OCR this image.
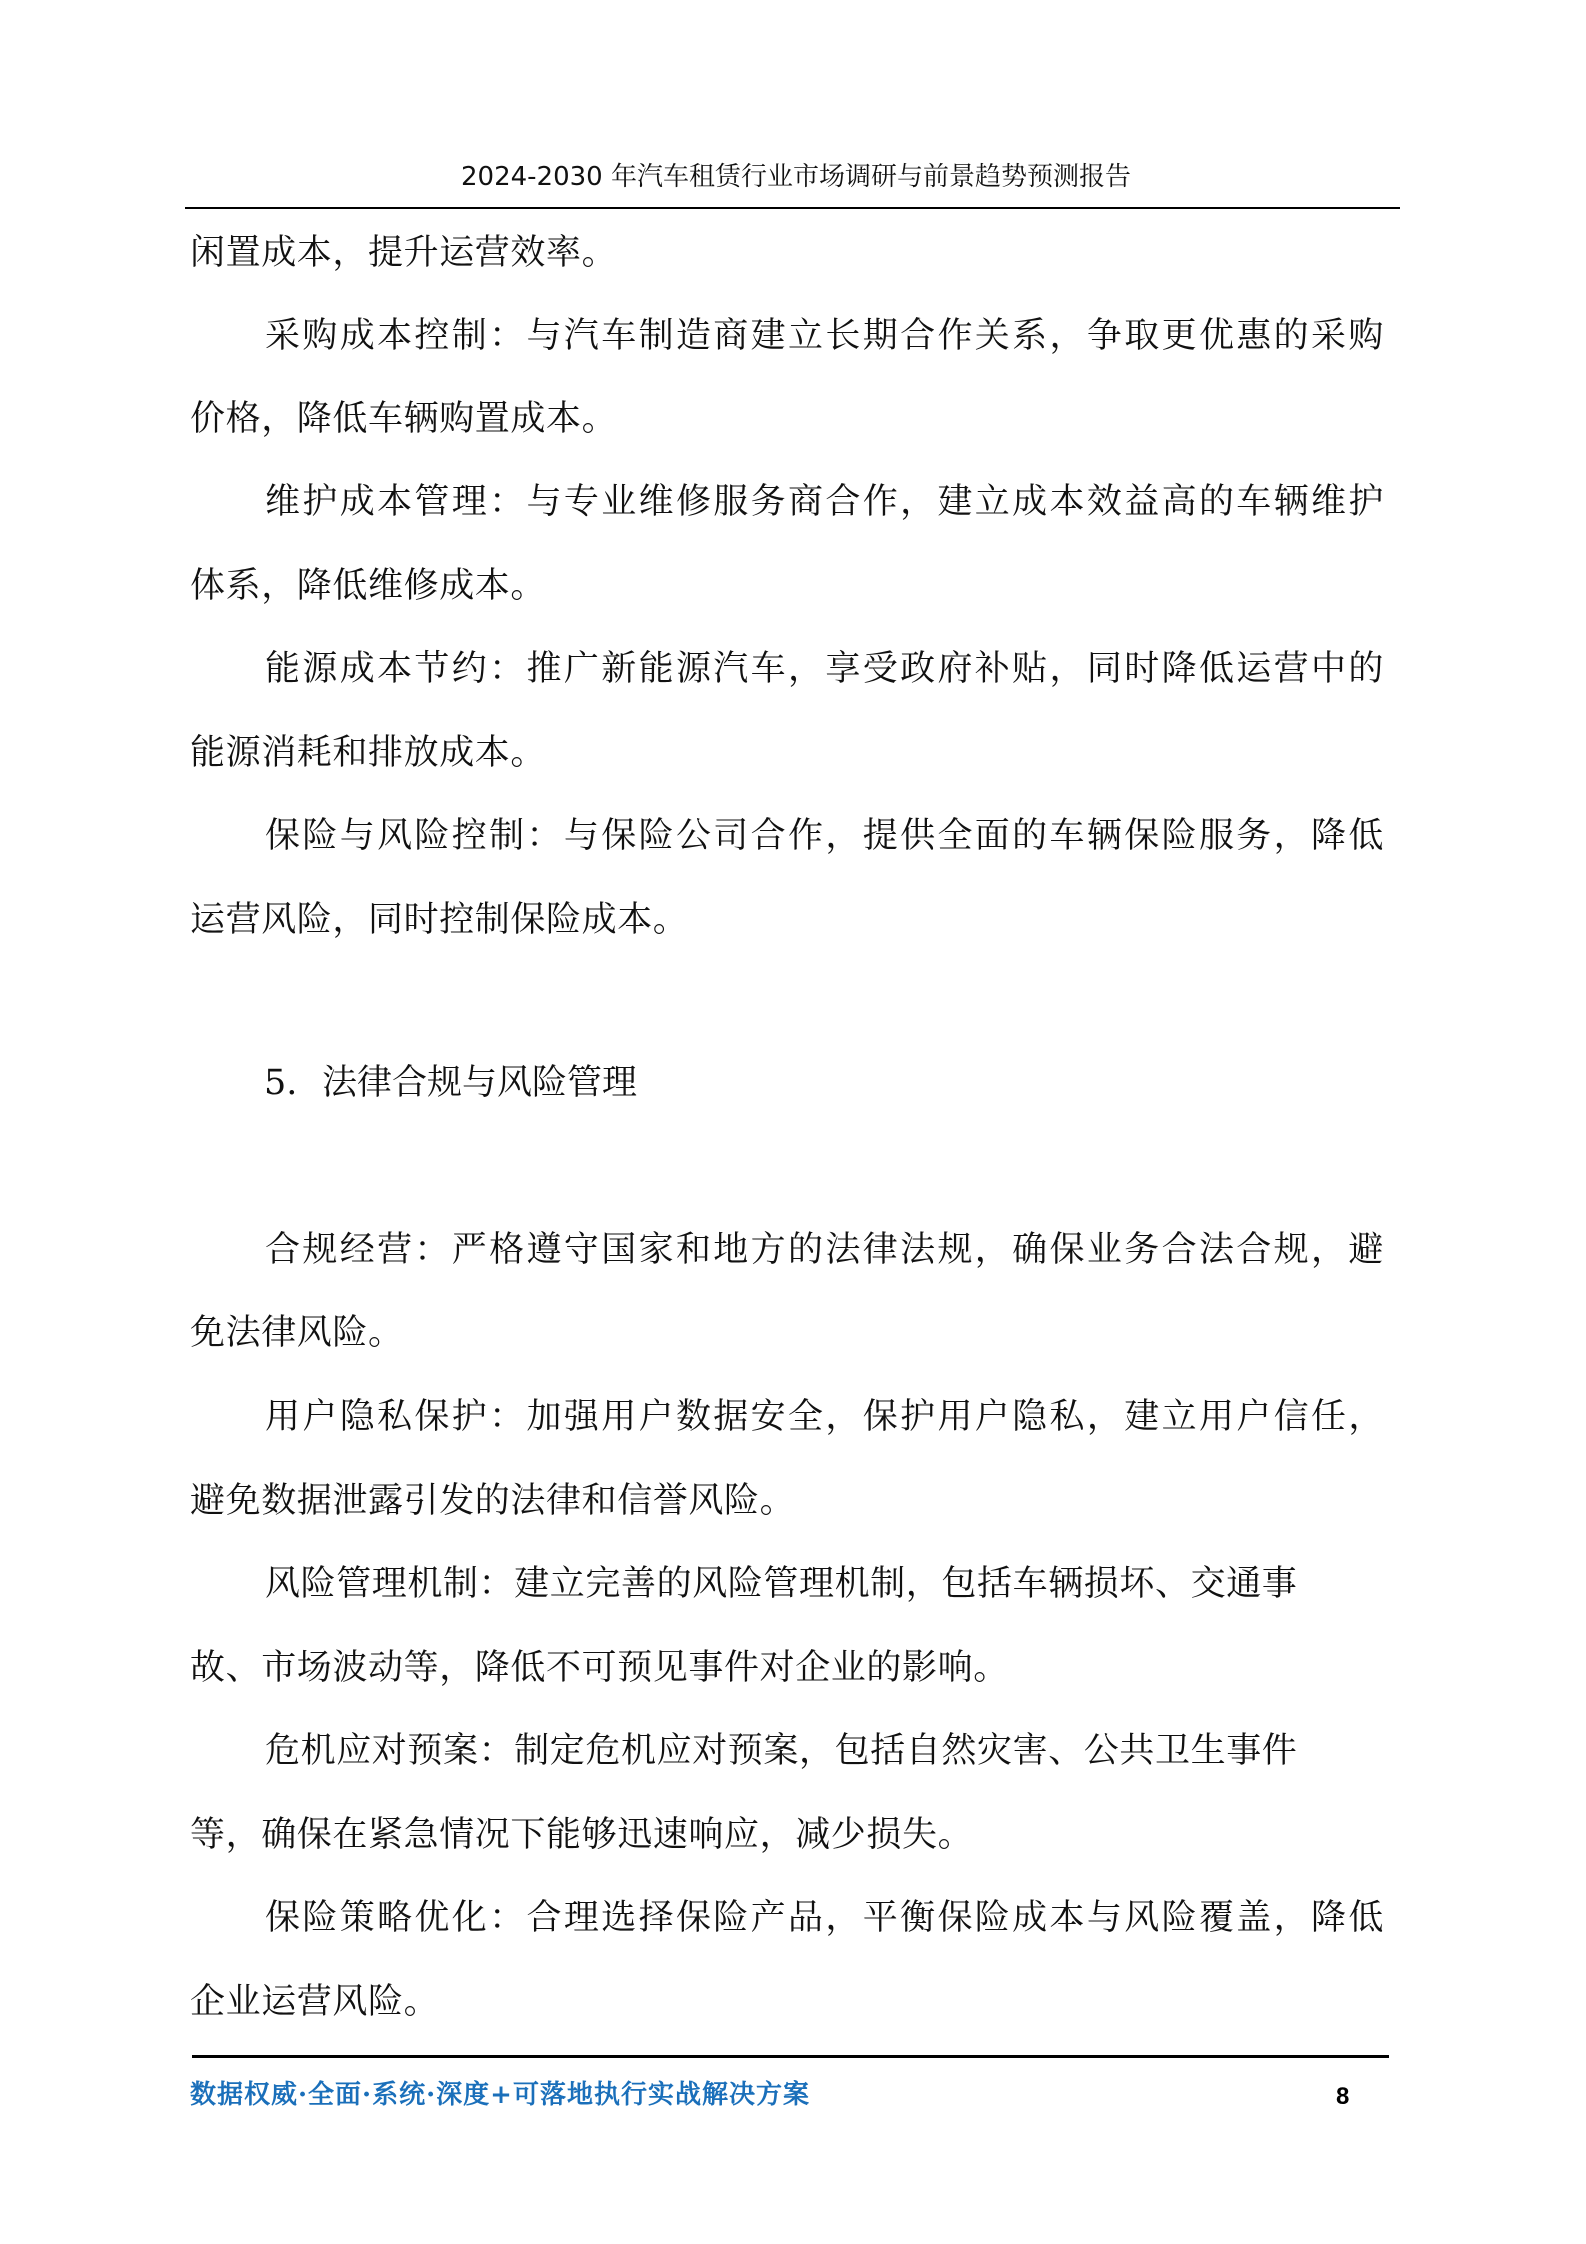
2024-2030 年汽车租赁行业市场调研与前景趋势预测报告
闲置成本，提升运营效率。
采购成本控制：与汽车制造商建立长期合作关系，争取更优惠的采购
价格，降低车辆购置成本。
维护成本管理：与专业维修服务商合作，建立成本效益高的车辆维护
体系，降低维修成本。
能源成本节约：推广新能源汽车，享受政府补贴，同时降低运营中的
能源消耗和排放成本。
保险与风险控制：与保险公司合作，提供全面的车辆保险服务，降低
运营风险，同时控制保险成本。
5. 法律合规与风险管理
合规经营：严格遵守国家和地方的法律法规，确保业务合法合规，避
免法律风险。
用户隐私保护：加强用户数据安全，保护用户隐私，建立用户信任，
避免数据泄露引发的法律和信誉风险。
风险管理机制：建立完善的风险管理机制，包括车辆损坏、交通事
故、市场波动等，降低不可预见事件对企业的影响。
危机应对预案：制定危机应对预案，包括自然灾害、公共卫生事件
等，确保在紧急情况下能够迅速响应，减少损失。
保险策略优化：合理选择保险产品，平衡保险成本与风险覆盖，降低
企业运营风险。
数据权威·全面·系统·深度+可落地执行实战解决方案	8
